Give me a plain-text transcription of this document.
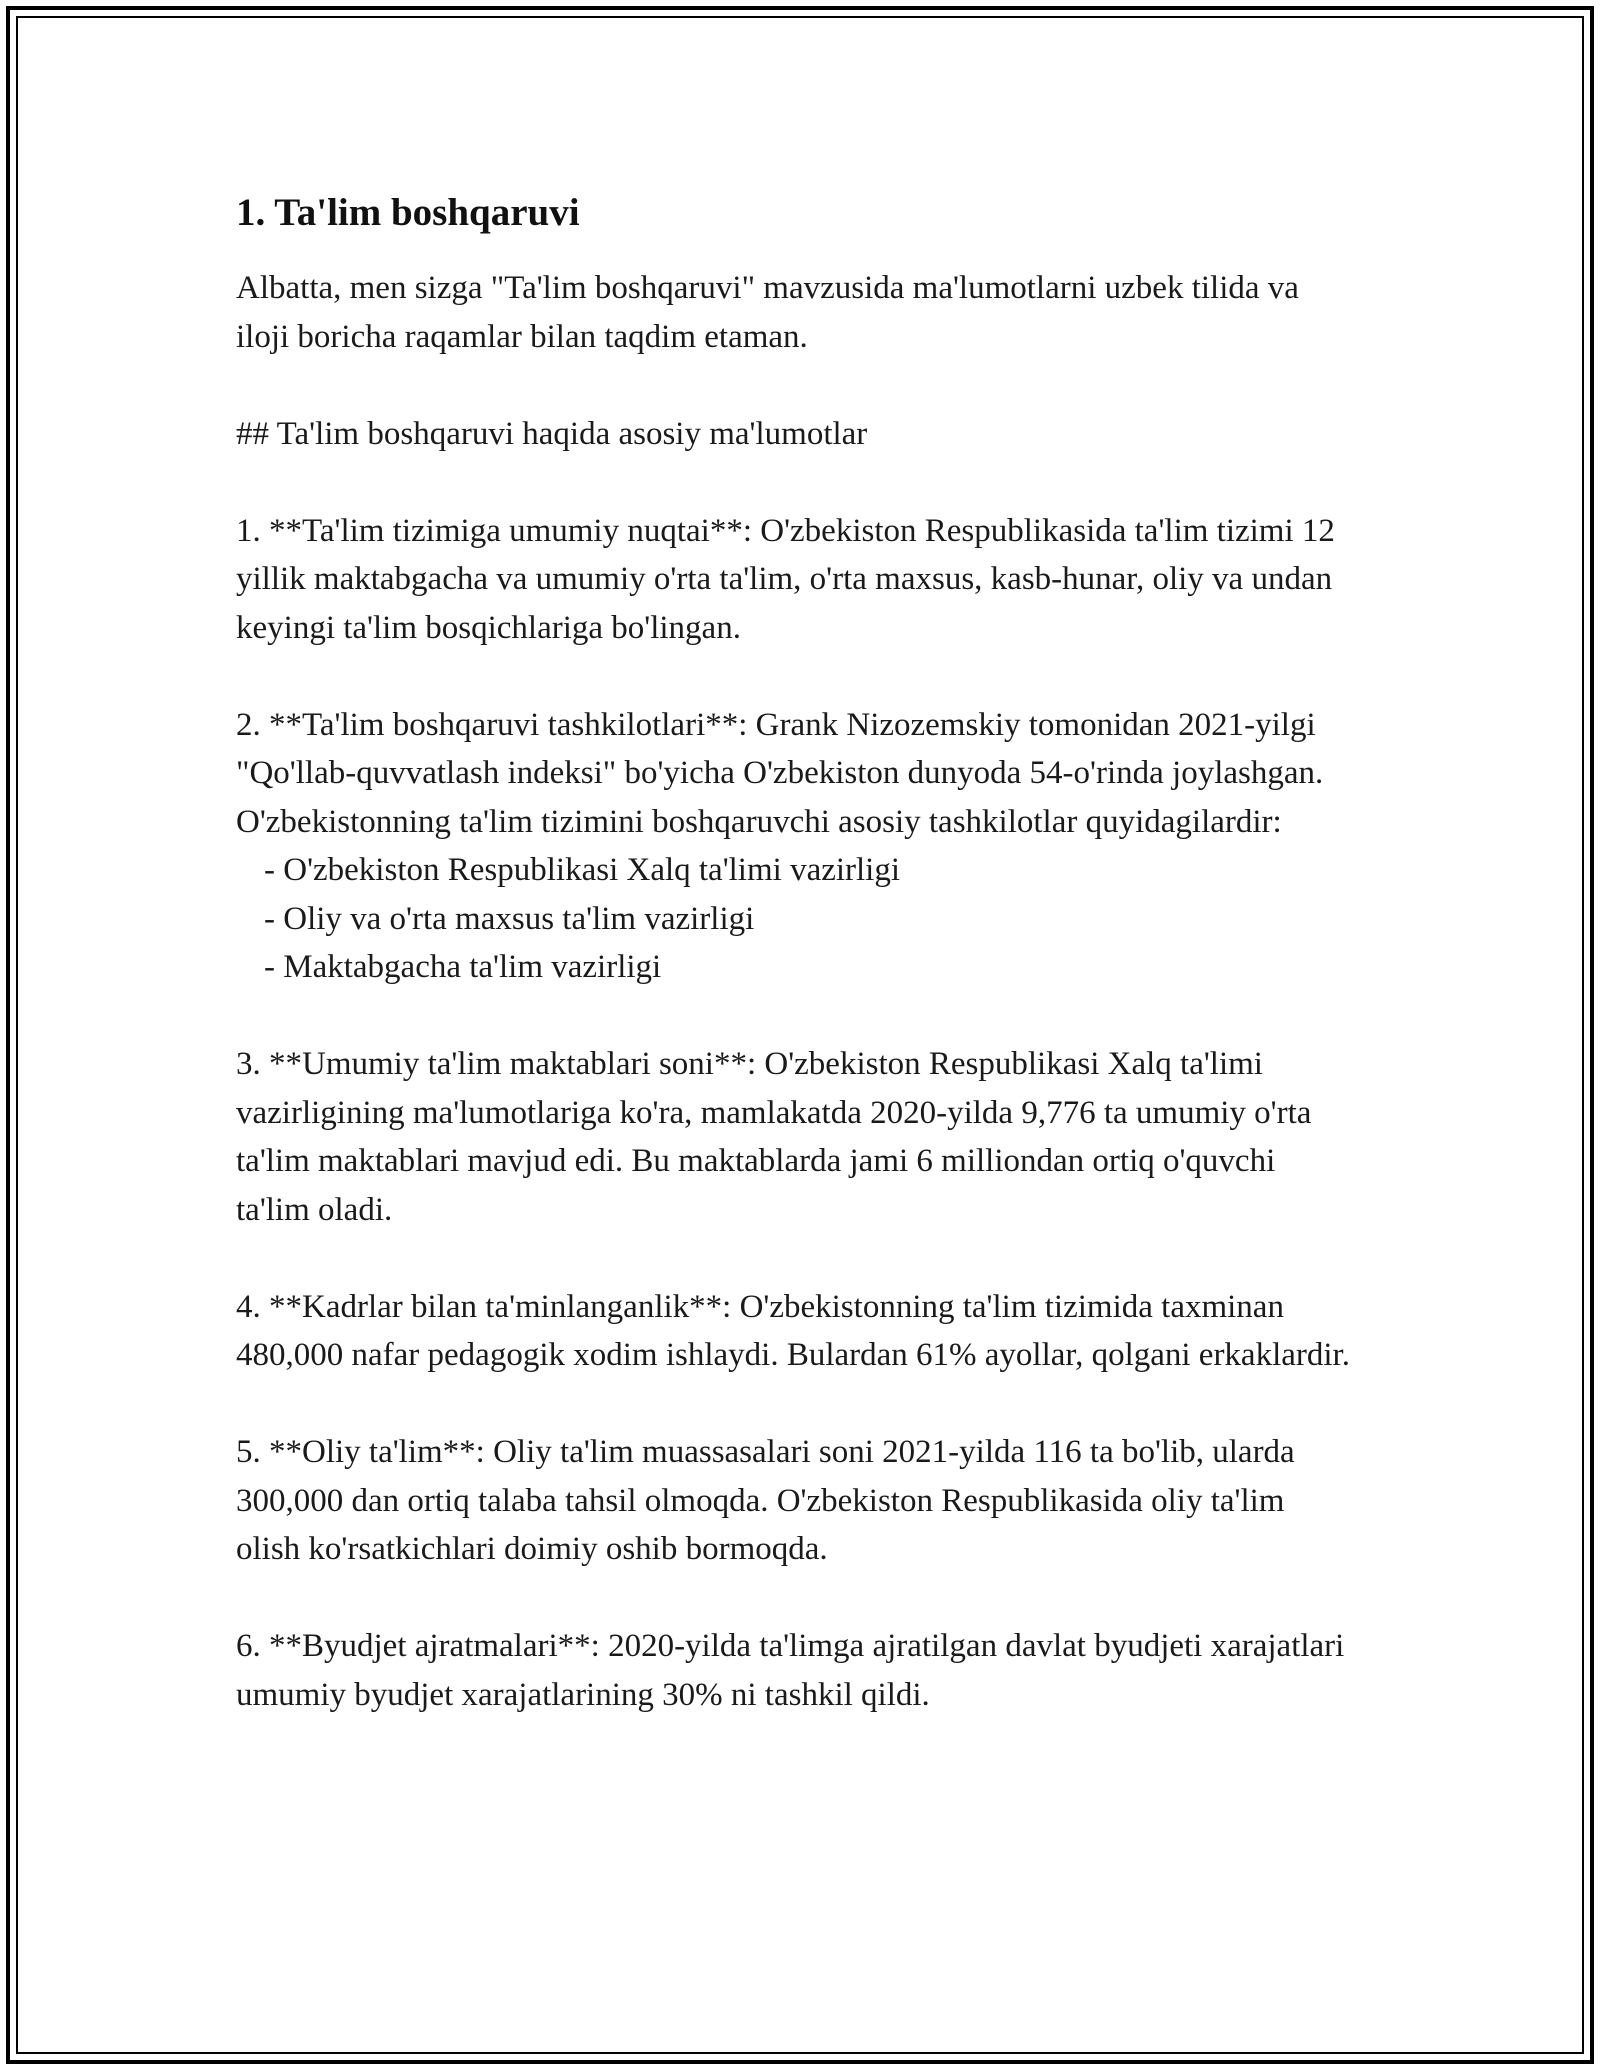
1. Ta'lim boshqaruvi

Albatta, men sizga "Ta'lim boshqaruvi" mavzusida ma'lumotlarni uzbek tilida va iloji boricha raqamlar bilan taqdim etaman.

## Ta'lim boshqaruvi haqida asosiy ma'lumotlar

1. **Ta'lim tizimiga umumiy nuqtai**: O'zbekiston Respublikasida ta'lim tizimi 12 yillik maktabgacha va umumiy o'rta ta'lim, o'rta maxsus, kasb-hunar, oliy va undan keyingi ta'lim bosqichlariga bo'lingan.

2. **Ta'lim boshqaruvi tashkilotlari**: Grank Nizozemskiy tomonidan 2021-yilgi "Qo'llab-quvvatlash indeksi" bo'yicha O'zbekiston dunyoda 54-o'rinda joylashgan. O'zbekistonning ta'lim tizimini boshqaruvchi asosiy tashkilotlar quyidagilardir:

- O'zbekiston Respublikasi Xalq ta'limi vazirligi

- Oliy va o'rta maxsus ta'lim vazirligi

- Maktabgacha ta'lim vazirligi

3. **Umumiy ta'lim maktablari soni**: O'zbekiston Respublikasi Xalq ta'limi vazirligining ma'lumotlariga ko'ra, mamlakatda 2020-yilda 9,776 ta umumiy o'rta ta'lim maktablari mavjud edi. Bu maktablarda jami 6 milliondan ortiq o'quvchi ta'lim oladi.

4. **Kadrlar bilan ta'minlanganlik**: O'zbekistonning ta'lim tizimida taxminan 480,000 nafar pedagogik xodim ishlaydi. Bulardan 61% ayollar, qolgani erkaklardir.

5. **Oliy ta'lim**: Oliy ta'lim muassasalari soni 2021-yilda 116 ta bo'lib, ularda 300,000 dan ortiq talaba tahsil olmoqda. O'zbekiston Respublikasida oliy ta'lim olish ko'rsatkichlari doimiy oshib bormoqda.

6. **Byudjet ajratmalari**: 2020-yilda ta'limga ajratilgan davlat byudjeti xarajatlari umumiy byudjet xarajatlarining 30% ni tashkil qildi.
